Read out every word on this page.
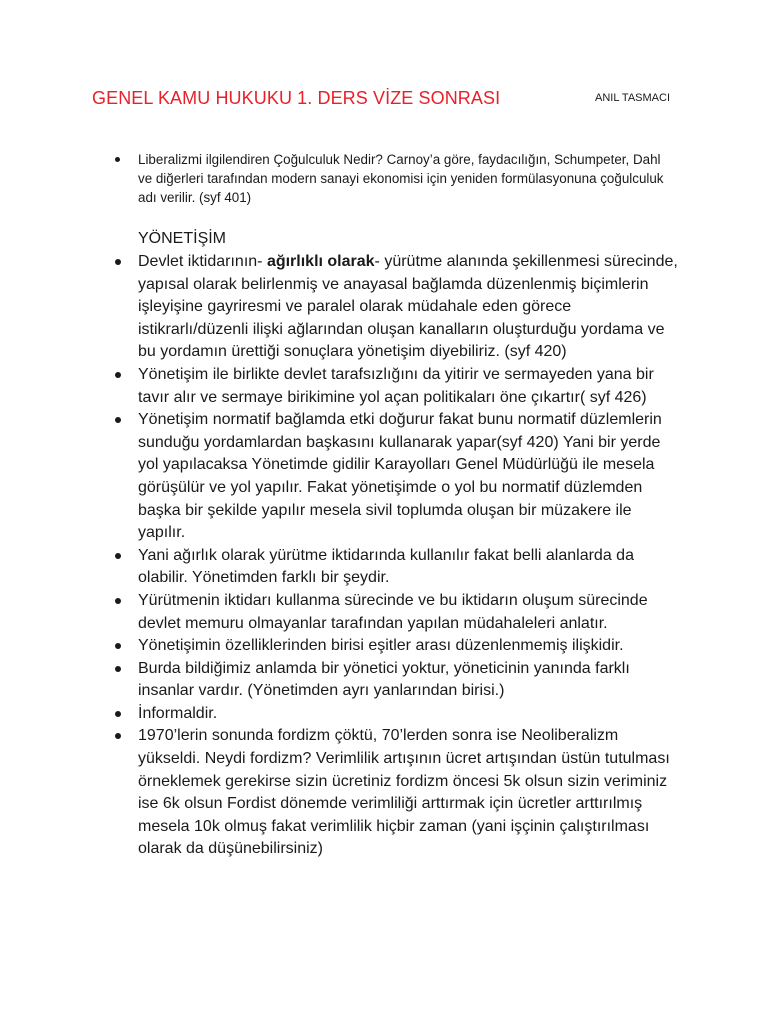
GENEL KAMU HUKUKU 1. DERS VİZE SONRASI	ANIL TASMACI
Liberalizmi ilgilendiren Çoğulculuk Nedir? Carnoy’a göre, faydacılığın, Schumpeter, Dahl ve diğerleri tarafından modern sanayi ekonomisi için yeniden formülasyonuna çoğulculuk adı verilir. (syf 401)
YÖNETİŞİM
Devlet iktidarının- ağırlıklı olarak- yürütme alanında şekillenmesi sürecinde, yapısal olarak belirlenmiş ve anayasal bağlamda düzenlenmiş biçimlerin işleyişine gayriresmi ve paralel olarak müdahale eden görece istikrarlı/düzenli ilişki ağlarından oluşan kanalların oluşturduğu yordama ve bu yordamın ürettiği sonuçlara yönetişim diyebiliriz. (syf 420)
Yönetişim ile birlikte devlet tarafsızlığını da yitirir ve sermayeden yana bir tavır alır ve sermaye birikimine yol açan politikaları öne çıkartır( syf 426)
Yönetişim normatif bağlamda etki doğurur fakat bunu normatif düzlemlerin sunduğu yordamlardan başkasını kullanarak yapar(syf 420) Yani bir yerde yol yapılacaksa Yönetimde gidilir Karayolları Genel Müdürlüğü ile mesela görüşülür ve yol yapılır. Fakat yönetişimde o yol bu normatif düzlemden başka bir şekilde yapılır mesela sivil toplumda oluşan bir müzakere ile yapılır.
Yani ağırlık olarak yürütme iktidarında kullanılır fakat belli alanlarda da olabilir. Yönetimden farklı bir şeydir.
Yürütmenin iktidarı kullanma sürecinde ve bu iktidarın oluşum sürecinde devlet memuru olmayanlar tarafından yapılan müdahaleleri anlatır.
Yönetişimin özelliklerinden birisi eşitler arası düzenlenmemiş ilişkidir.
Burda bildiğimiz anlamda bir yönetici yoktur, yöneticinin yanında farklı insanlar vardır. (Yönetimden ayrı yanlarından birisi.)
İnformaldir.
1970’lerin sonunda fordizm çöktü, 70’lerden sonra ise Neoliberalizm yükseldi. Neydi fordizm? Verimlilik artışının ücret artışından üstün tutulması örneklemek gerekirse sizin ücretiniz fordizm öncesi 5k olsun sizin veriminiz ise 6k olsun Fordist dönemde verimliliği arttırmak için ücretler arttırılmış mesela 10k olmuş fakat verimlilik hiçbir zaman (yani işçinin çalıştırılması olarak da düşünebilirsiniz)
